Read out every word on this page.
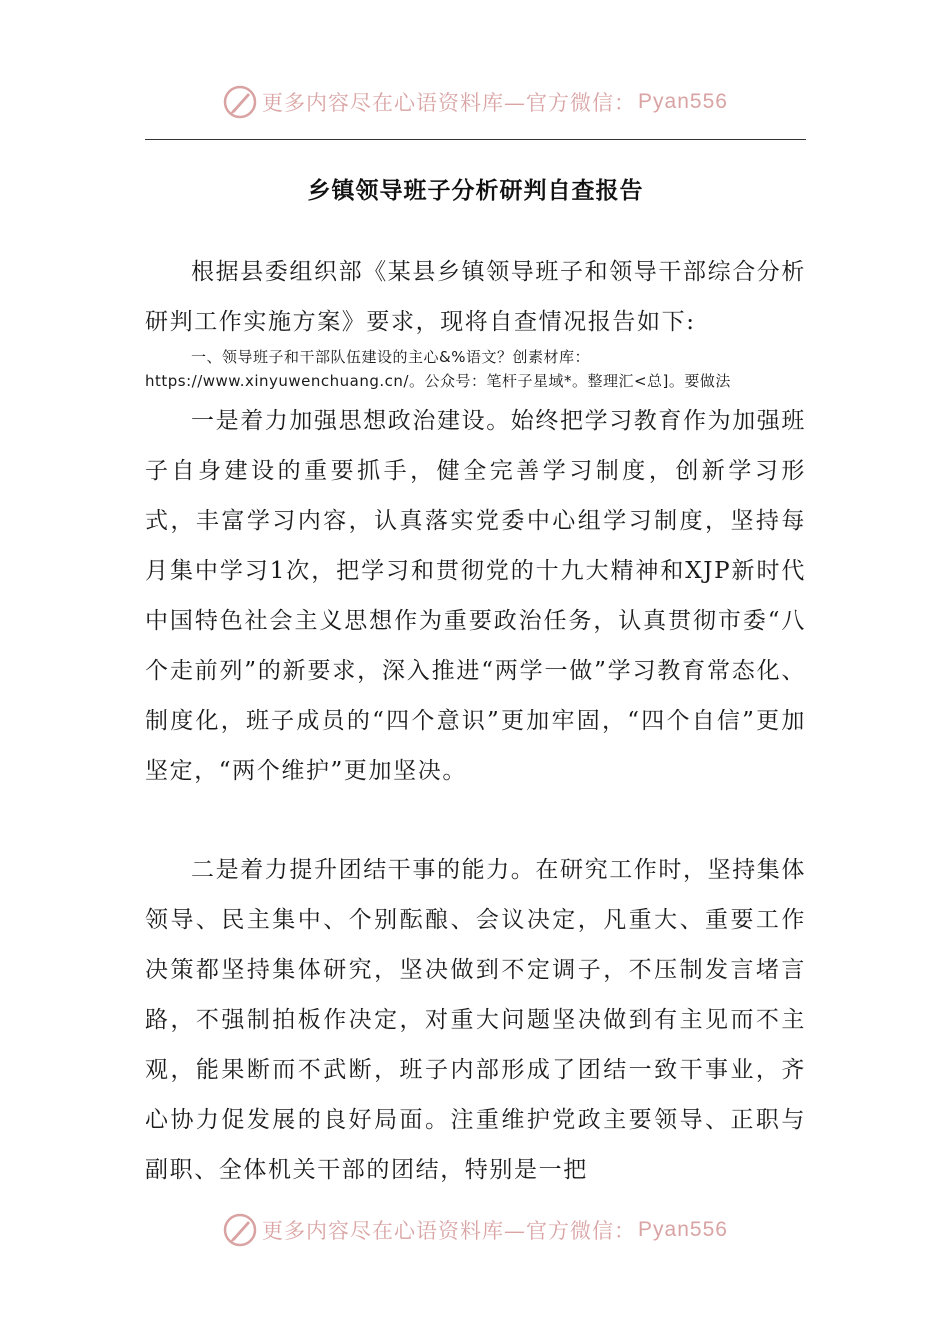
更多内容尽在心语资料库—官方微信： Pyan556
乡镇领导班子分析研判自查报告

根据县委组织部《某县乡镇领导班子和领导干部综合分析研判工作实施方案》要求，现将自查情况报告如下:

一、领导班子和干部队伍建设的主心&%语文？创素材库：https://www.xinyuwenchuang.cn/。公众号：笔杆子星域*。整理汇<总]。要做法

一是着力加强思想政治建设。始终把学习教育作为加强班子自身建设的重要抓手，健全完善学习制度，创新学习形式，丰富学习内容，认真落实党委中心组学习制度，坚持每月集中学习1次，把学习和贯彻党的十九大精神和XJP新时代中国特色社会主义思想作为重要政治任务，认真贯彻市委“八个走前列”的新要求，深入推进“两学一做”学习教育常态化、制度化，班子成员的“四个意识”更加牢固，“四个自信”更加坚定，“两个维护”更加坚决。

二是着力提升团结干事的能力。在研究工作时，坚持集体领导、民主集中、个别酝酿、会议决定，凡重大、重要工作决策都坚持集体研究，坚决做到不定调子，不压制发言堵言路，不强制拍板作决定，对重大问题坚决做到有主见而不主观，能果断而不武断，班子内部形成了团结一致干事业，齐心协力促发展的良好局面。注重维护党政主要领导、正职与副职、全体机关干部的团结，特别是一把

更多内容尽在心语资料库—官方微信： Pyan556
